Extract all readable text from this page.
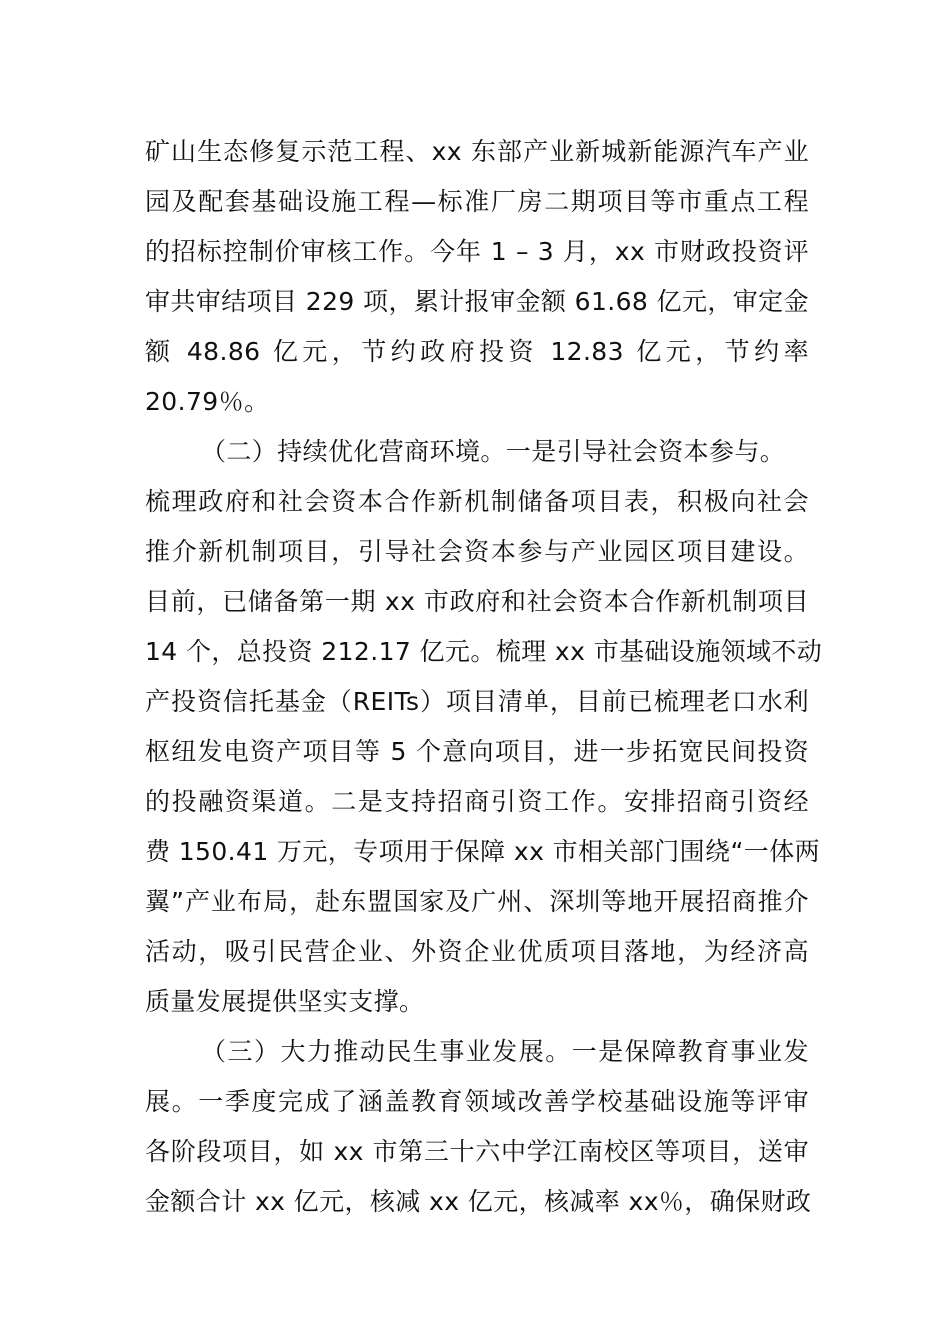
矿山生态修复示范工程、xx 东部产业新城新能源汽车产业
园及配套基础设施工程—标准厂房二期项目等市重点工程
的招标控制价审核工作。今年 1 – 3 月，xx 市财政投资评
审共审结项目 229 项，累计报审金额 61.68 亿元，审定金
额 48.86 亿元，节约政府投资 12.83 亿元，节约率
20.79％。
（二）持续优化营商环境。一是引导社会资本参与。
梳理政府和社会资本合作新机制储备项目表，积极向社会
推介新机制项目，引导社会资本参与产业园区项目建设。
目前，已储备第一期 xx 市政府和社会资本合作新机制项目
14 个，总投资 212.17 亿元。梳理 xx 市基础设施领域不动
产投资信托基金（REITs）项目清单，目前已梳理老口水利
枢纽发电资产项目等 5 个意向项目，进一步拓宽民间投资
的投融资渠道。二是支持招商引资工作。安排招商引资经
费 150.41 万元，专项用于保障 xx 市相关部门围绕“一体两
翼”产业布局，赴东盟国家及广州、深圳等地开展招商推介
活动，吸引民营企业、外资企业优质项目落地，为经济高
质量发展提供坚实支撑。
（三）大力推动民生事业发展。一是保障教育事业发
展。一季度完成了涵盖教育领域改善学校基础设施等评审
各阶段项目，如 xx 市第三十六中学江南校区等项目，送审
金额合计 xx 亿元，核减 xx 亿元，核减率 xx％，确保财政
